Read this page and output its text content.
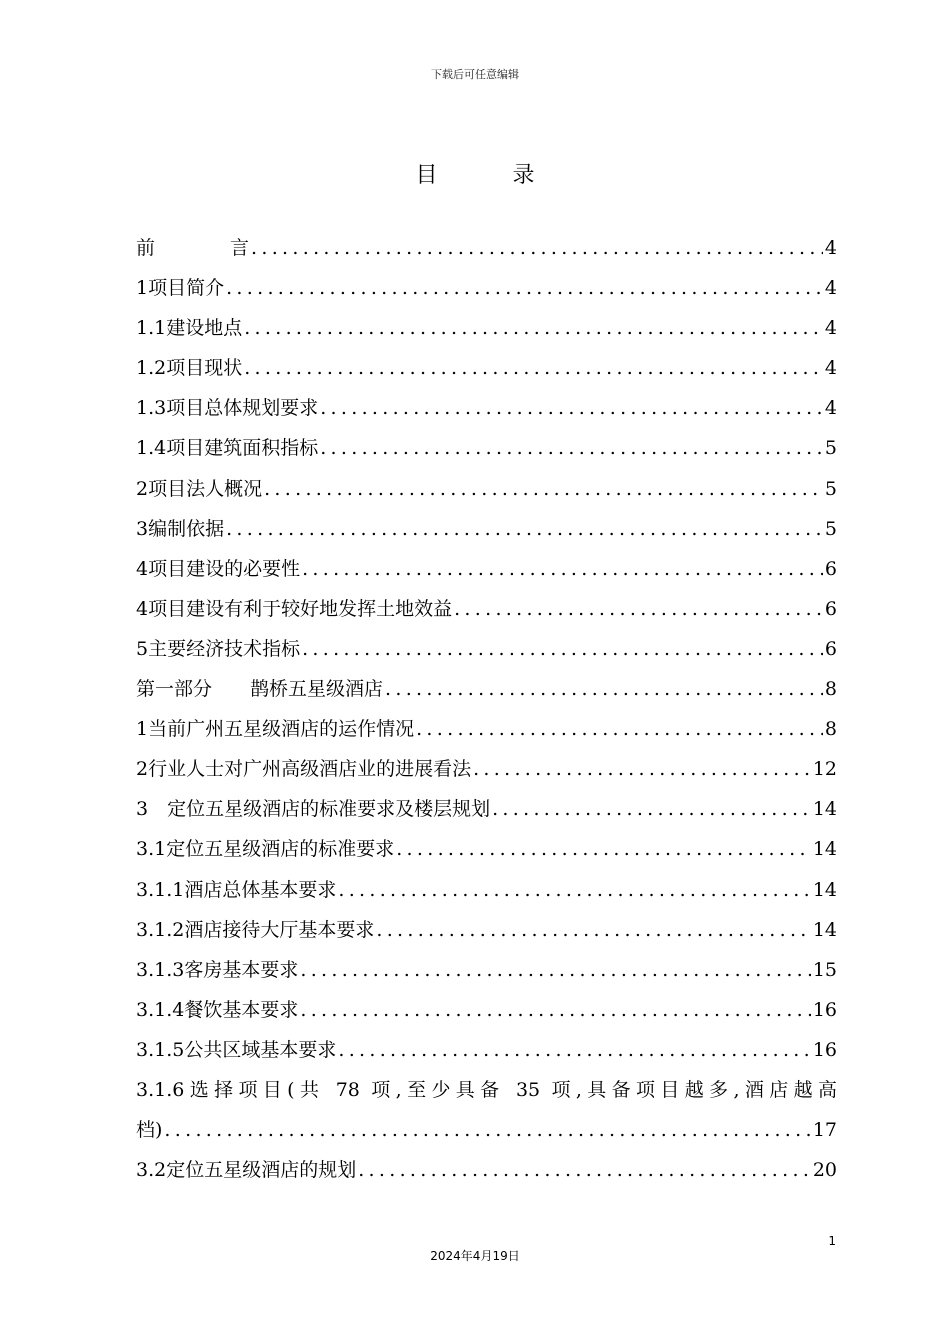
下载后可任意编辑
目	录
前	言 .....	4
1项目简介 .....	4
1.1建设地点 .....	4
1.2项目现状 .....	4
1.3项目总体规划要求 .....	4
1.4项目建筑面积指标 .....	5
2项目法人概况 .....	5
3编制依据 .....	5
4项目建设的必要性 .....	6
4项目建设有利于较好地发挥土地效益 .....	6
5主要经济技术指标 .....	6
第一部分　　鹊桥五星级酒店 .....	8
1当前广州五星级酒店的运作情况 .....	8
2行业人士对广州高级酒店业的进展看法 .....	12
3　定位五星级酒店的标准要求及楼层规划 .....	14
3.1定位五星级酒店的标准要求 .....	14
3.1.1酒店总体基本要求 .....	14
3.1.2酒店接待大厅基本要求 .....	14
3.1.3客房基本要求 .....	15
3.1.4餐饮基本要求 .....	16
3.1.5公共区域基本要求 .....	16
3.1.6选择项目(共 78 项,至少具备 35 项,具备项目越多,酒店越高
档) .....	17
3.2定位五星级酒店的规划 .....	20
1
2024年4月19日
